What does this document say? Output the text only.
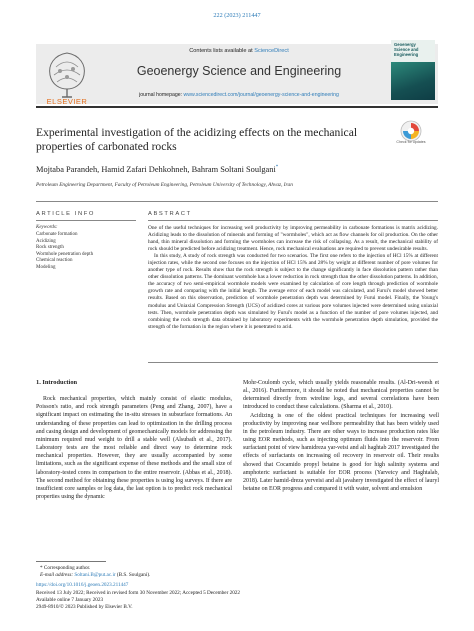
222 (2023) 211447
ELSEVIER
Contents lists available at ScienceDirect
Geoenergy Science and Engineering
journal homepage: www.sciencedirect.com/journal/geoenergy-science-and-engineering
Geoenergy Science and Engineering
Experimental investigation of the acidizing effects on the mechanical properties of carbonated rocks	Check for updates
Mojtaba Parandeh, Hamid Zafari Dehkohneh, Bahram Soltani Soulgani*
Petroleum Engineering Department, Faculty of Petroleum Engineering, Petroleum University of Technology, Ahvaz, Iran
ARTICLE INFO	ABSTRACT
Keywords:
Carbonate formation
Acidizing
Rock strength
Wormhole penetration depth
Chemical reaction
Modeling

One of the useful techniques for increasing well productivity by improving permeability in carbonate formations is matrix acidizing. Acidizing leads to the dissolution of minerals and forming of "wormholes", which act as flow channels for oil production. On the other hand, thin mineral dissolution and forming the wormholes can increase the risk of collapsing. As a result, the mechanical stability of rock should be predicted before acidizing treatment. Hence, rock mechanical evaluations are required to prevent undesirable results.

In this study, A study of rock strength was conducted for two scenarios. The first one refers to the injection of HCl 15% at different injection rates, while the second one focuses on the injection of HCl 15% and 28% by weight at different number of pore volumes for another type of rock. Results show that the rock strength is subject to the change significantly in face dissolution pattern rather than other dissolution patterns. The dominant wormhole has a lower reduction in rock strength than the other dissolution patterns. In addition, the accuracy of two semi-empirical wormhole models were examined by calculation of core length through prediction of wormhole growth rate and comparing with the initial length. The average error of each model was calculated, and Furui's model showed better results. Based on this observation, prediction of wormhole penetration depth was determined by Furui model. Finally, the Young's modulus and Uniaxial Compression Strength (UCS) of acidized cores at various pore volumes injected were determined using uniaxial tests. Then, wormhole penetration depth was simulated by Furui's model as a function of the number of pore volumes injected, and combining the rock strength data obtained by laboratory experiments with the wormhole penetration depth simulation, provided the strength of the formation in the region where it is penetrated to acid.

1. Introduction

Rock mechanical properties, which mainly consist of elastic modulus, Poisson's ratio, and rock strength parameters (Peng and Zhang, 2007), have a significant impact on estimating the in-situ stresses in subsurface formations. An understanding of these properties can lead to optimization in the drilling process and casing design and development of geomechanically models for addressing the minimum required mud weight to drill a stable well (Alsubaih et al., 2017). Laboratory tests are the most reliable and direct way to determine rock mechanical properties. However, they are usually accompanied by some limitations, such as the significant expense of these methods and the small size of laboratory-tested cores in comparison to the entire reservoir. (Abbas et al., 2018). The second method for obtaining these properties is using log surveys. If there are insufficient core samples or log data, the last option is to predict rock mechanical properties using the dynamic

Mohr-Coulomb cycle, which usually yields reasonable results. (Al-Dri-weesh et al., 2016). Furthermore, it should be noted that mechanical properties cannot be determined directly from wireline logs, and several correlations have been introduced to conduct these calculations. (Sharma et al., 2010).

Acidizing is one of the oldest practical techniques for increasing well productivity by improving near wellbore permeability that has been widely used in the petroleum industry. There are other ways to increase production rates like using EOR methods, such as injecting optimum fluids into the reservoir. From surfactant point of view hamidreza yar-veisi and ali haghtab 2017 investigated the effects of surfactants on increasing oil recovery in reservoir oil. Their results showed that Cocamido propyl betaine is good for high salinity systems and amphoteric surfactant is suitable for EOR process (Yarveicy and Haghtalab, 2018). Later hamid-dreza yerveisi and ali javahery investigated the effect of lauryl betaine on EOR progress and compared it with water, solvent and emulsion

* Corresponding author.
E-mail address: Soltani.B@put.ac.ir (B.S. Soulgani).
https://doi.org/10.1016/j.geoen.2023.211447
Received 13 July 2022; Received in revised form 30 November 2022; Accepted 5 December 2022
Available online 7 January 2023
2949-8910/© 2023 Published by Elsevier B.V.
